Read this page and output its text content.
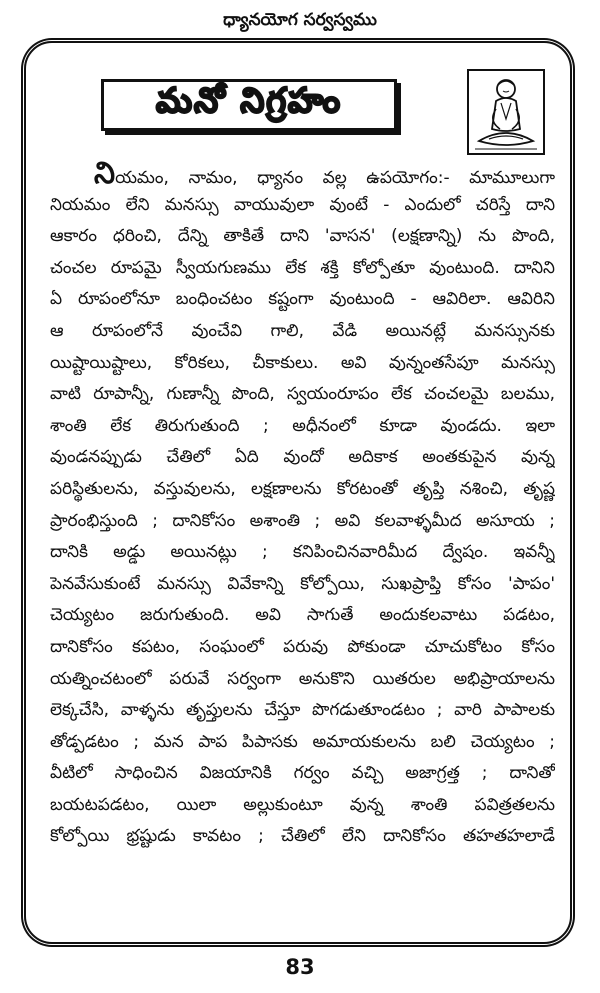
ధ్యానయోగ సర్వస్వము
మనో నిగ్రహం
నియమం, నామం, ధ్యానం వల్ల ఉపయోగం:- మామూలుగా
నియమం లేని మనస్సు వాయువులా వుంటే - ఎందులో చరిస్తే దాని
ఆకారం ధరించి, దేన్ని తాకితే దాని 'వాసన' (లక్షణాన్ని) ను పొంది,
చంచల రూపమై స్వీయగుణము లేక శక్తి కోల్పోతూ వుంటుంది. దానిని
ఏ రూపంలోనూ బంధించటం కష్టంగా వుంటుంది - ఆవిరిలా. ఆవిరిని
ఆ రూపంలోనే వుంచేవి గాలి, వేడి అయినట్లే మనస్సునకు
యిష్టాయిష్టాలు, కోరికలు, చీకాకులు. అవి వున్నంతసేపూ మనస్సు
వాటి రూపాన్నీ, గుణాన్నీ పొంది, స్వయంరూపం లేక చంచలమై బలము,
శాంతి లేక తిరుగుతుంది ; అధీనంలో కూడా వుండదు. ఇలా
వుండనప్పుడు చేతిలో ఏది వుందో అదికాక అంతకుపైన వున్న
పరిస్థితులను, వస్తువులను, లక్షణాలను కోరటంతో తృప్తి నశించి, తృష్ణ
ప్రారంభిస్తుంది ; దానికోసం అశాంతి ; అవి కలవాళ్ళమీద అసూయ ;
దానికి అడ్డు అయినట్లు ; కనిపించినవారిమీద ద్వేషం. ఇవన్నీ
పెనవేసుకుంటే మనస్సు వివేకాన్ని కోల్పోయి, సుఖప్రాప్తి కోసం 'పాపం'
చెయ్యటం జరుగుతుంది. అవి సాగుతే అందుకలవాటు పడటం,
దానికోసం కపటం, సంఘంలో పరువు పోకుండా చూచుకోటం కోసం
యత్నించటంలో పరువే సర్వంగా అనుకొని యితరుల అభిప్రాయాలను
లెక్కచేసి, వాళ్ళను తృప్తులను చేస్తూ పొగడుతూండటం ; వారి పాపాలకు
తోడ్పడటం ; మన పాప పిపాసకు అమాయకులను బలి చెయ్యటం ;
వీటిలో సాధించిన విజయానికి గర్వం వచ్చి అజాగ్రత్త ; దానితో
బయటపడటం, యిలా అల్లుకుంటూ వున్న శాంతి పవిత్రతలను
కోల్పోయి భ్రష్టుడు కావటం ; చేతిలో లేని దానికోసం తహతహలాడే
83
